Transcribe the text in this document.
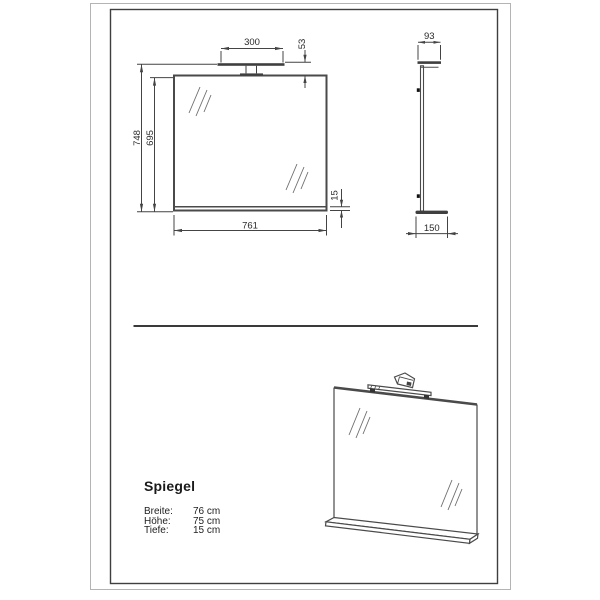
748 695
761
300	53
15
93
150
Spiegel
Breite:	76 cm
Höhe:	75 cm
Tiefe:	15 cm
